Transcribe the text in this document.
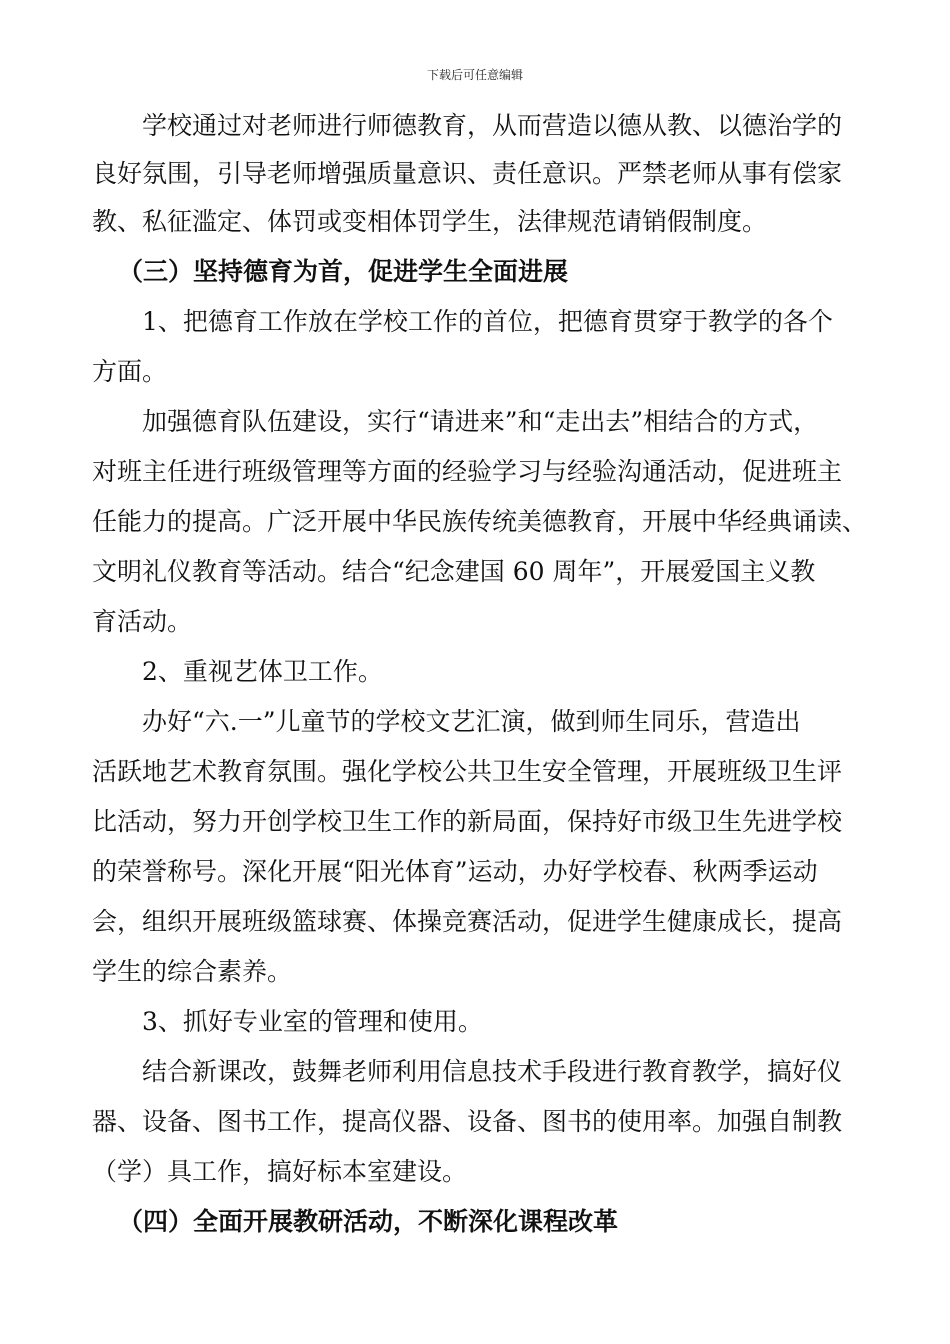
下载后可任意编辑

学校通过对老师进行师德教育，从而营造以德从教、以德治学的

良好氛围，引导老师增强质量意识、责任意识。严禁老师从事有偿家

教、私征滥定、体罚或变相体罚学生，法律规范请销假制度。

（三）坚持德育为首，促进学生全面进展

1、把德育工作放在学校工作的首位，把德育贯穿于教学的各个

方面。

加强德育队伍建设，实行“请进来”和“走出去”相结合的方式，

对班主任进行班级管理等方面的经验学习与经验沟通活动，促进班主

任能力的提高。广泛开展中华民族传统美德教育，开展中华经典诵读、

文明礼仪教育等活动。结合“纪念建国 60 周年”，开展爱国主义教

育活动。

2、重视艺体卫工作。

办好“六.一”儿童节的学校文艺汇演，做到师生同乐，营造出

活跃地艺术教育氛围。强化学校公共卫生安全管理，开展班级卫生评

比活动，努力开创学校卫生工作的新局面，保持好市级卫生先进学校

的荣誉称号。深化开展“阳光体育”运动，办好学校春、秋两季运动

会，组织开展班级篮球赛、体操竞赛活动，促进学生健康成长，提高

学生的综合素养。

3、抓好专业室的管理和使用。

结合新课改，鼓舞老师利用信息技术手段进行教育教学，搞好仪

器、设备、图书工作，提高仪器、设备、图书的使用率。加强自制教

（学）具工作，搞好标本室建设。

（四）全面开展教研活动，不断深化课程改革
